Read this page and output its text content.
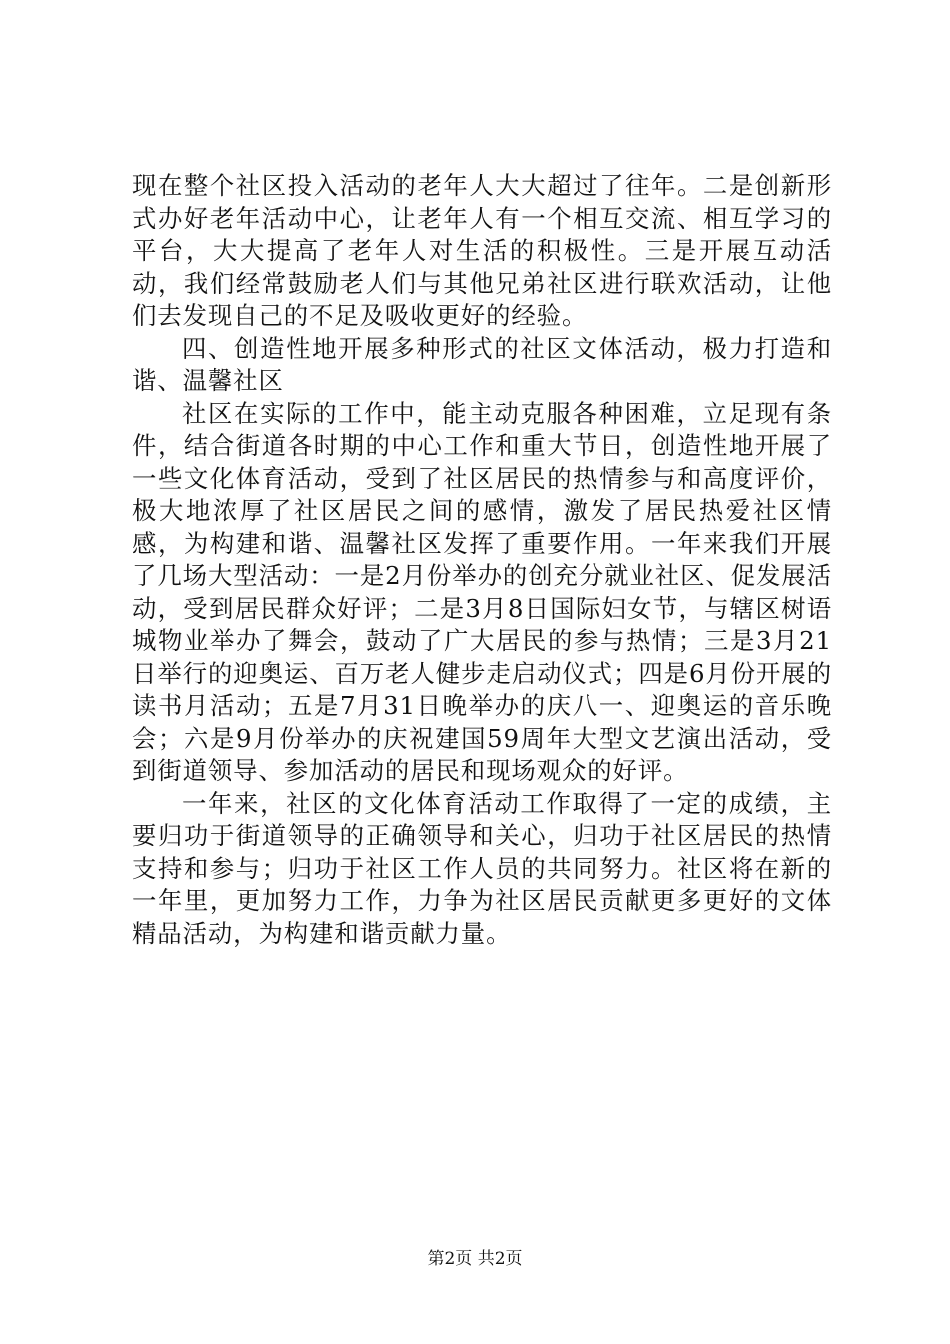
现在整个社区投入活动的老年人大大超过了往年。二是创新形式办好老年活动中心，让老年人有一个相互交流、相互学习的平台，大大提高了老年人对生活的积极性。三是开展互动活动，我们经常鼓励老人们与其他兄弟社区进行联欢活动，让他们去发现自己的不足及吸收更好的经验。

四、创造性地开展多种形式的社区文体活动，极力打造和谐、温馨社区

社区在实际的工作中，能主动克服各种困难，立足现有条件，结合街道各时期的中心工作和重大节日，创造性地开展了一些文化体育活动，受到了社区居民的热情参与和高度评价，极大地浓厚了社区居民之间的感情，激发了居民热爱社区情感，为构建和谐、温馨社区发挥了重要作用。一年来我们开展了几场大型活动：一是2月份举办的创充分就业社区、促发展活动，受到居民群众好评；二是3月8日国际妇女节，与辖区树语城物业举办了舞会，鼓动了广大居民的参与热情；三是3月21日举行的迎奥运、百万老人健步走启动仪式；四是6月份开展的读书月活动；五是7月31日晚举办的庆八一、迎奥运的音乐晚会；六是9月份举办的庆祝建国59周年大型文艺演出活动，受到街道领导、参加活动的居民和现场观众的好评。

一年来，社区的文化体育活动工作取得了一定的成绩，主要归功于街道领导的正确领导和关心，归功于社区居民的热情支持和参与；归功于社区工作人员的共同努力。社区将在新的一年里，更加努力工作，力争为社区居民贡献更多更好的文体精品活动，为构建和谐贡献力量。

第2页 共2页
